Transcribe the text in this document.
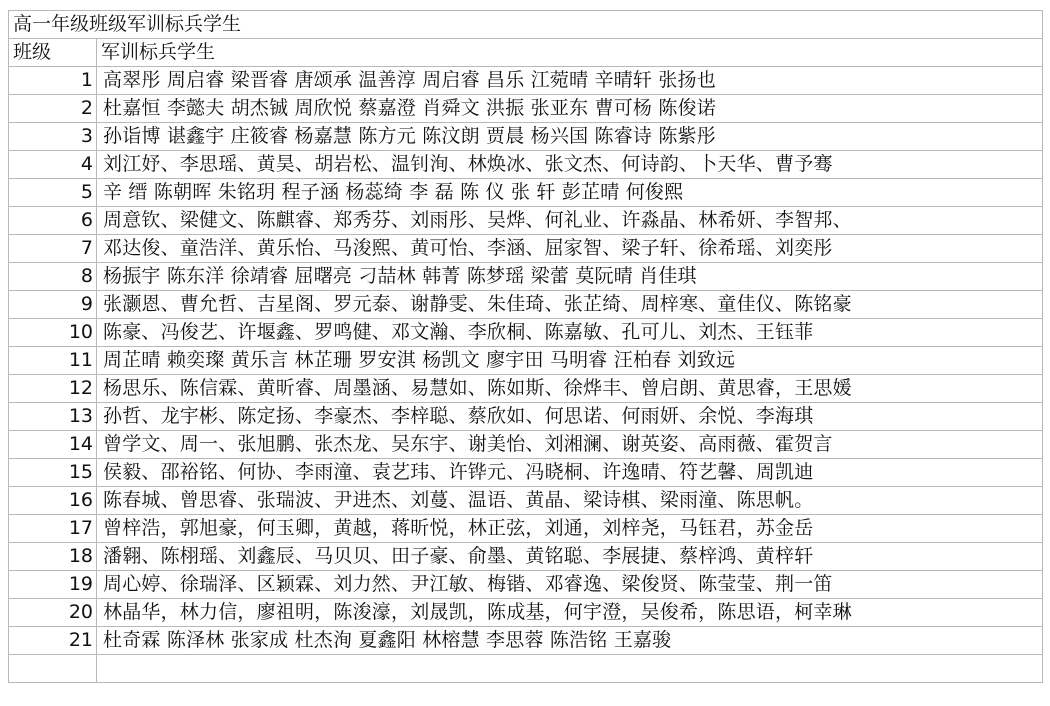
高一年级班级军训标兵学生	
班级	军训标兵学生
1	高翠彤 周启睿 梁晋睿 唐颂承 温善淳 周启睿 昌乐 江菀晴 辛晴轩 张扬也
2	杜嘉恒 李懿夫 胡杰铖 周欣悦 蔡嘉澄 肖舜文 洪振 张亚东 曹可杨 陈俊诺
3	孙诣博 谌鑫宇 庄筱睿 杨嘉慧 陈方元 陈汶朗 贾晨 杨兴国 陈睿诗 陈紫彤
4	刘江妤、李思瑶、黄昊、胡岩松、温钊洵、林焕冰、张文杰、何诗韵、卜天华、曹予骞
5	辛 缙 陈朝晖 朱铭玥 程子涵 杨蕊绮 李 磊 陈 仪 张 轩 彭芷晴 何俊熙
6	周意钦、梁健文、陈麒睿、郑秀芬、刘雨彤、吴烨、何礼业、许淼晶、林希妍、李智邦、
7	邓达俊、童浩洋、黄乐怡、马浚熙、黄可怡、李涵、屈家智、梁子轩、徐希瑶、刘奕彤
8	杨振宇 陈东洋 徐靖睿 屈曙亮 刁喆林 韩菁 陈梦瑶 梁蕾 莫阮晴 肖佳琪
9	张灏恩、曹允哲、吉星阁、罗元泰、谢静雯、朱佳琦、张芷绮、周梓寒、童佳仪、陈铭豪
10	陈豪、冯俊艺、许堰鑫、罗鸣健、邓文瀚、李欣桐、陈嘉敏、孔可儿、刘杰、王钰菲
11	周芷晴 赖奕璨 黄乐言 林芷珊 罗安淇 杨凯文 廖宇田 马明睿 汪柏春 刘致远
12	杨思乐、陈信霖、黄昕睿、周墨涵、易慧如、陈如斯、徐烨丰、曾启朗、黄思睿，王思媛
13	孙哲、龙宇彬、陈定扬、李豪杰、李梓聪、蔡欣如、何思诺、何雨妍、余悦、李海琪
14	曾学文、周一、张旭鹏、张杰龙、吴东宇、谢美怡、刘湘澜、谢英姿、高雨薇、霍贺言
15	侯毅、邵裕铭、何协、李雨潼、袁艺玮、许铧元、冯晓桐、许逸晴、符艺馨、周凯迪
16	陈春城、曾思睿、张瑞波、尹进杰、刘蔓、温语、黄晶、梁诗棋、梁雨潼、陈思帆。
17	曾梓浩，郭旭豪，何玉卿，黄越，蒋昕悦，林正弦，刘通，刘梓尧，马钰君，苏金岳
18	潘翱、陈栩瑶、刘鑫辰、马贝贝、田子豪、俞墨、黄铭聪、李展捷、蔡梓鸿、黄梓轩
19	周心婷、徐瑞泽、区颖霖、刘力然、尹江敏、梅锴、邓睿逸、梁俊贤、陈莹莹、荆一笛
20	林晶华，林力信，廖祖明，陈浚濠，刘晟凯，陈成基，何宇澄，吴俊希，陈思语，柯幸琳
21	杜奇霖 陈泽林 张家成 杜杰洵 夏鑫阳 林榕慧 李思蓉 陈浩铭 王嘉骏
